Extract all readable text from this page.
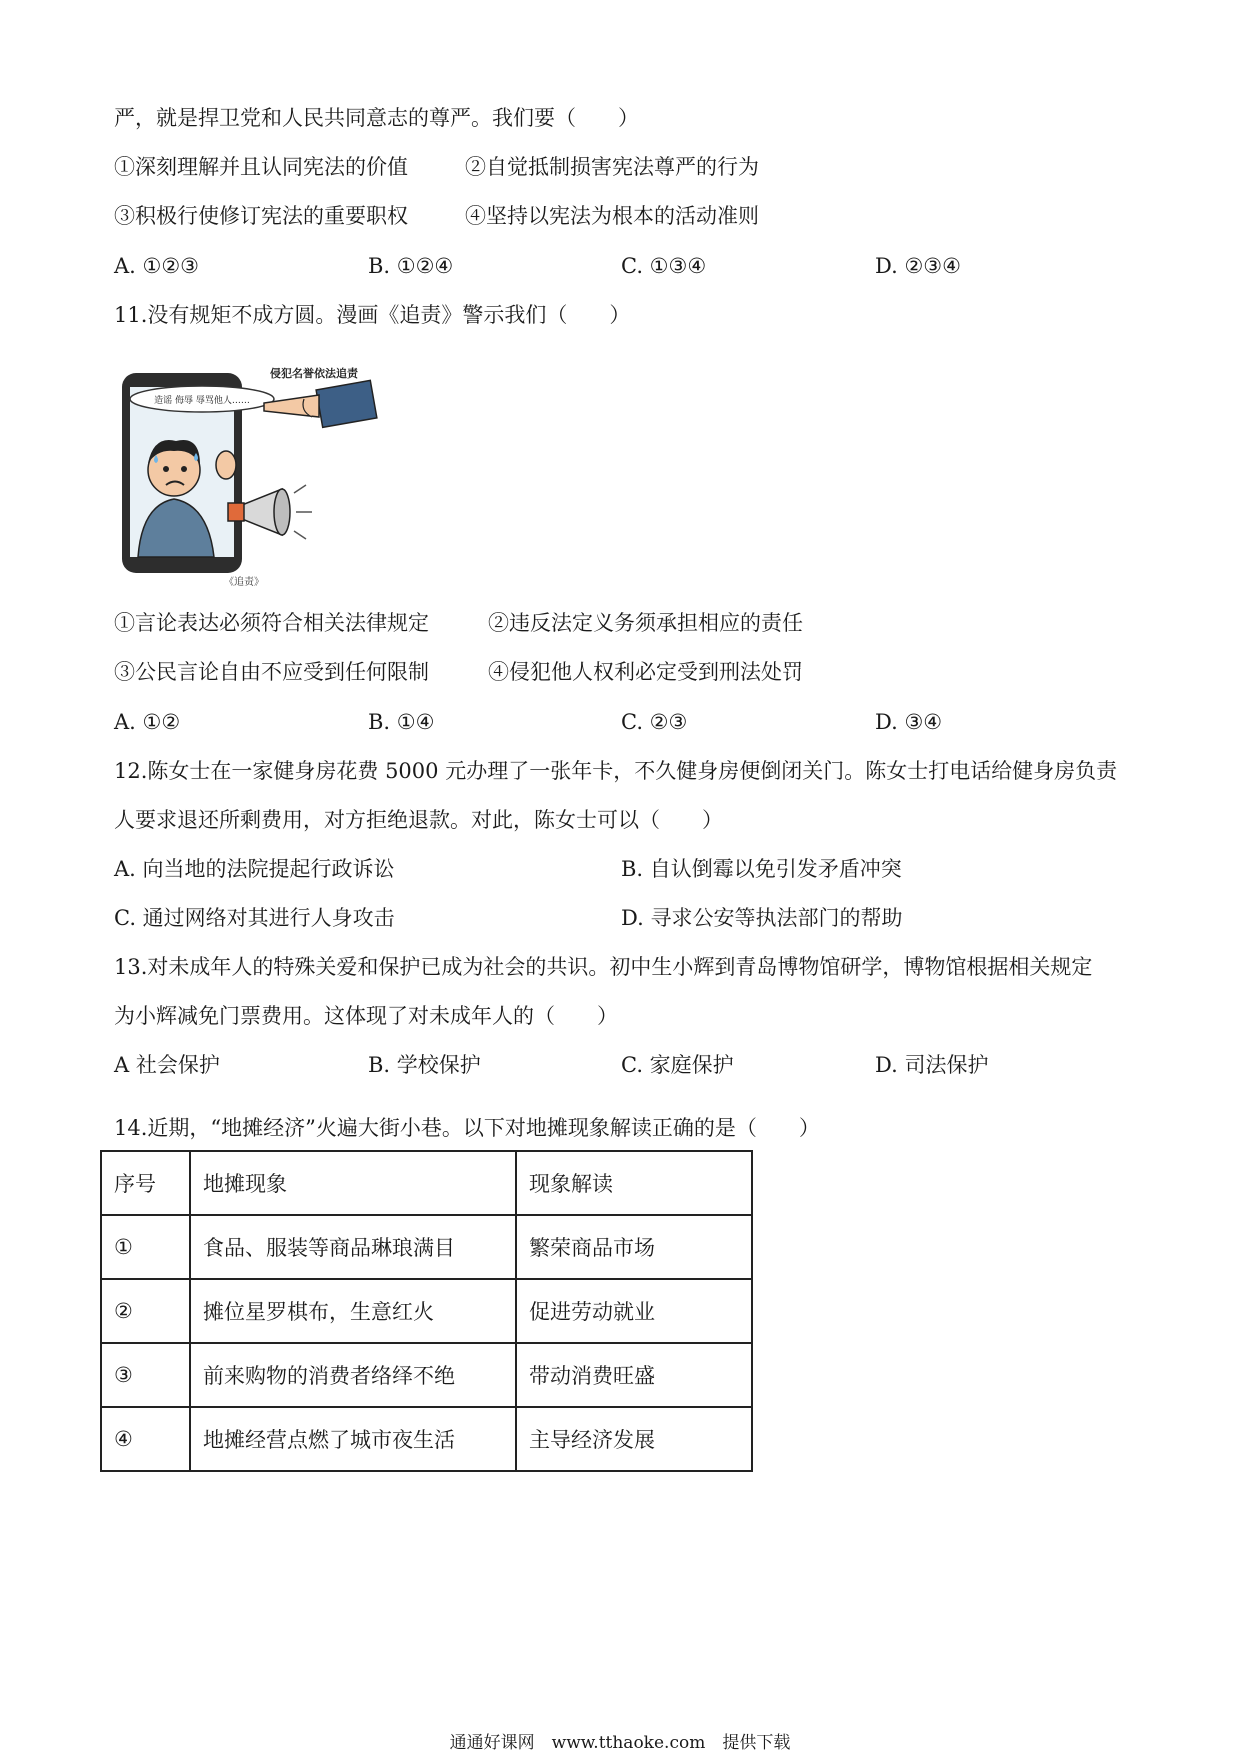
严，就是捍卫党和人民共同意志的尊严。我们要（　　）
①深刻理解并且认同宪法的价值	②自觉抵制损害宪法尊严的行为
③积极行使修订宪法的重要职权	④坚持以宪法为根本的活动准则
A. ①②③	B. ①②④	C. ①③④	D. ②③④
11.没有规矩不成方圆。漫画《追责》警示我们（　　）
造谣 侮辱 辱骂他人……
侵犯名誉依法追责
《追责》
①言论表达必须符合相关法律规定	②违反法定义务须承担相应的责任
③公民言论自由不应受到任何限制	④侵犯他人权利必定受到刑法处罚
A. ①②	B. ①④	C. ②③	D. ③④
12.陈女士在一家健身房花费 5000 元办理了一张年卡，不久健身房便倒闭关门。陈女士打电话给健身房负责
人要求退还所剩费用，对方拒绝退款。对此，陈女士可以（　　）
A. 向当地的法院提起行政诉讼	B. 自认倒霉以免引发矛盾冲突
C. 通过网络对其进行人身攻击	D. 寻求公安等执法部门的帮助
13.对未成年人的特殊关爱和保护已成为社会的共识。初中生小辉到青岛博物馆研学，博物馆根据相关规定
为小辉减免门票费用。这体现了对未成年人的（　　）
A 社会保护	B. 学校保护	C. 家庭保护	D. 司法保护
14.近期，“地摊经济”火遍大街小巷。以下对地摊现象解读正确的是（　　）
序号	地摊现象	现象解读
①	食品、服装等商品琳琅满目	繁荣商品市场
②	摊位星罗棋布，生意红火	促进劳动就业
③	前来购物的消费者络绎不绝	带动消费旺盛
④	地摊经营点燃了城市夜生活	主导经济发展
通通好课网　www.tthaoke.com　提供下载
